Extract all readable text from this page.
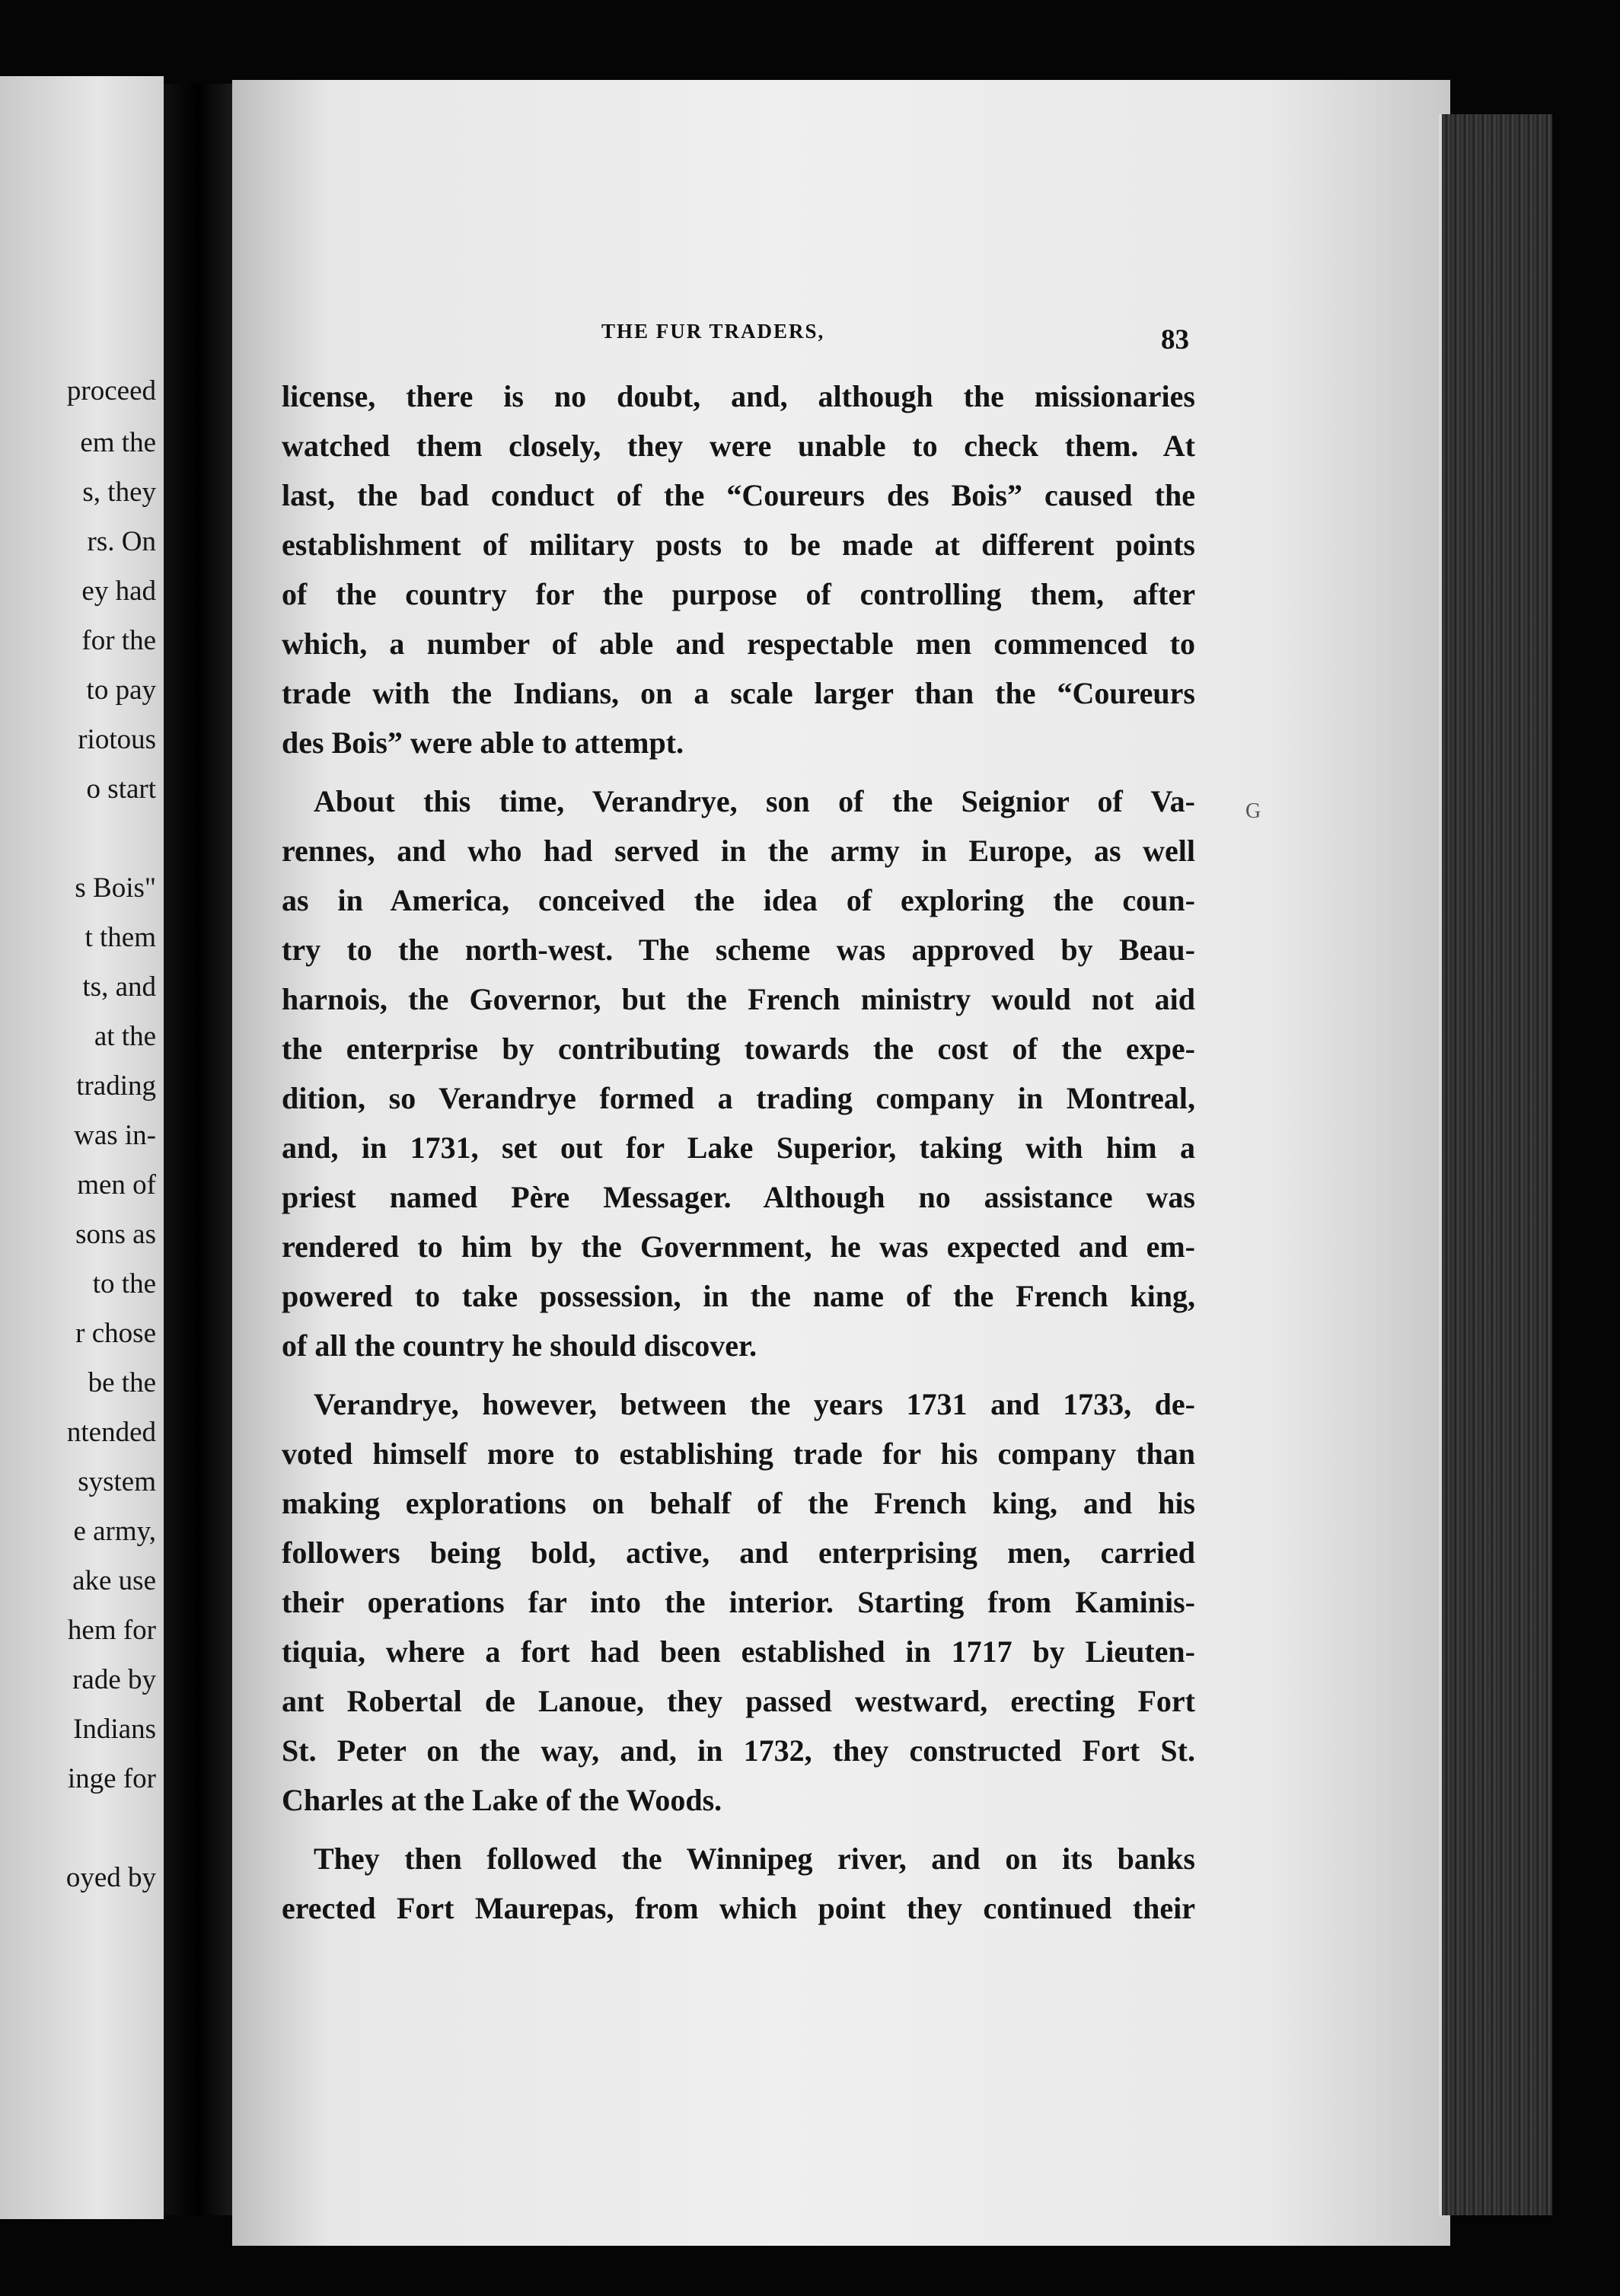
proceed

em the

s, they

rs. On

ey had

for the

to pay

riotous

o start

s Bois"

t them

ts, and

at the

trading

was in-

men of

sons as

to the

r chose

be the

ntended

system

e army,

ake use

hem for

rade by

Indians

inge for

oyed by

THE FUR TRADERS,	83

G

license, there is no doubt, and, although the missionaries
watched them closely, they were unable to check them. At
last, the bad conduct of the “Coureurs des Bois” caused the
establishment of military posts to be made at different points
of the country for the purpose of controlling them, after
which, a number of able and respectable men commenced to
trade with the Indians, on a scale larger than the “Coureurs
des Bois” were able to attempt.
About this time, Verandrye, son of the Seignior of Va-
rennes, and who had served in the army in Europe, as well
as in America, conceived the idea of exploring the coun-
try to the north-west. The scheme was approved by Beau-
harnois, the Governor, but the French ministry would not aid
the enterprise by contributing towards the cost of the expe-
dition, so Verandrye formed a trading company in Montreal,
and, in 1731, set out for Lake Superior, taking with him a
priest named Père Messager. Although no assistance was
rendered to him by the Government, he was expected and em-
powered to take possession, in the name of the French king,
of all the country he should discover.
Verandrye, however, between the years 1731 and 1733, de-
voted himself more to establishing trade for his company than
making explorations on behalf of the French king, and his
followers being bold, active, and enterprising men, carried
their operations far into the interior. Starting from Kaminis-
tiquia, where a fort had been established in 1717 by Lieuten-
ant Robertal de Lanoue, they passed westward, erecting Fort
St. Peter on the way, and, in 1732, they constructed Fort St.
Charles at the Lake of the Woods.
They then followed the Winnipeg river, and on its banks
erected Fort Maurepas, from which point they continued their
